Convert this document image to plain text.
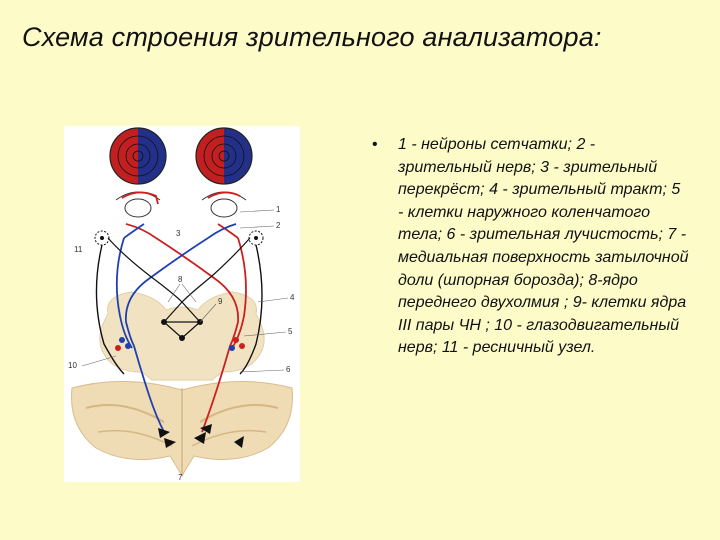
Схема строения зрительного анализатора:
1
2
3
4
5
6
7
8
9
10
11
• 1 - нейроны сетчатки; 2 - зрительный нерв; 3 - зрительный перекрёст; 4 - зрительный тракт; 5 - клетки наружного коленчатого тела; 6 - зрительная лучистость; 7 - медиальная поверхность затылочной доли (шпорная борозда); 8-ядро переднего двухолмия ; 9- клетки ядра III пары ЧН ; 10 - глазодвигательный нерв; 11 - ресничный узел.
